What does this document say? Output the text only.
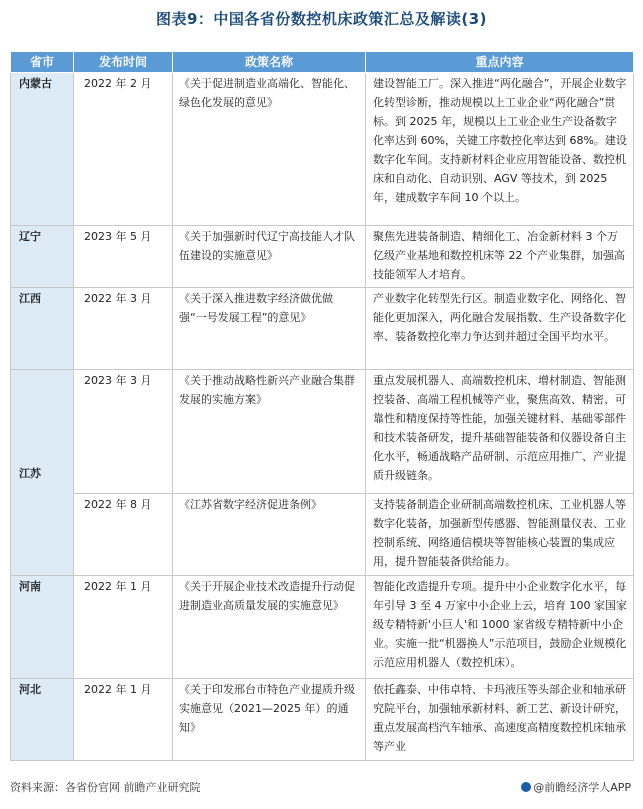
图表9：中国各省份数控机床政策汇总及解读(3)
省市	发布时间	政策名称	重点内容
内蒙古	2022 年 2 月	《关于促进制造业高端化、智能化、绿色化发展的意见》	建设智能工厂。深入推进“两化融合”，开展企业数字化转型诊断，推动规模以上工业企业“两化融合”贯标。到 2025 年，规模以上工业企业生产设备数字化率达到 60%，关键工序数控化率达到 68%。建设数字化车间。支持新材料企业应用智能设备、数控机床和自动化、自动识别、AGV 等技术，到 2025 年，建成数字车间 10 个以上。
辽宁	2023 年 5 月	《关于加强新时代辽宁高技能人才队伍建设的实施意见》	聚焦先进装备制造、精细化工、冶金新材料 3 个万亿级产业基地和数控机床等 22 个产业集群，加强高技能领军人才培育。
江西	2022 年 3 月	《关于深入推进数字经济做优做强“一号发展工程”的意见》	产业数字化转型先行区。制造业数字化、网络化、智能化更加深入，两化融合发展指数、生产设备数字化率、装备数控化率力争达到并超过全国平均水平。
江苏	2023 年 3 月	《关于推动战略性新兴产业融合集群发展的实施方案》	重点发展机器人、高端数控机床、增材制造、智能测控装备、高端工程机械等产业，聚焦高效、精密、可靠性和精度保持等性能，加强关键材料、基础零部件和技术装备研发，提升基础智能装备和仪器设备自主化水平，畅通战略产品研制、示范应用推广、产业提质升级链条。
	2022 年 8 月	《江苏省数字经济促进条例》	支持装备制造企业研制高端数控机床、工业机器人等数字化装备，加强新型传感器、智能测量仪表、工业控制系统、网络通信模块等智能核心装置的集成应用，提升智能装备供给能力。
河南	2022 年 1 月	《关于开展企业技术改造提升行动促进制造业高质量发展的实施意见》	智能化改造提升专项。提升中小企业数字化水平，每年引导 3 至 4 万家中小企业上云，培育 100 家国家级专精特新'小巨人'和 1000 家省级专精特新中小企业。实施一批“机器换人”示范项目，鼓励企业规模化示范应用机器人（数控机床）。
河北	2022 年 1 月	《关于印发邢台市特色产业提质升级实施意见（2021—2025 年）的通知》	依托鑫泰、中伟卓特、卡玛液压等头部企业和轴承研究院平台，加强轴承新材料、新工艺、新设计研究，重点发展高档汽车轴承、高速度高精度数控机床轴承等产业
资料来源：各省份官网 前瞻产业研究院	@前瞻经济学人APP
